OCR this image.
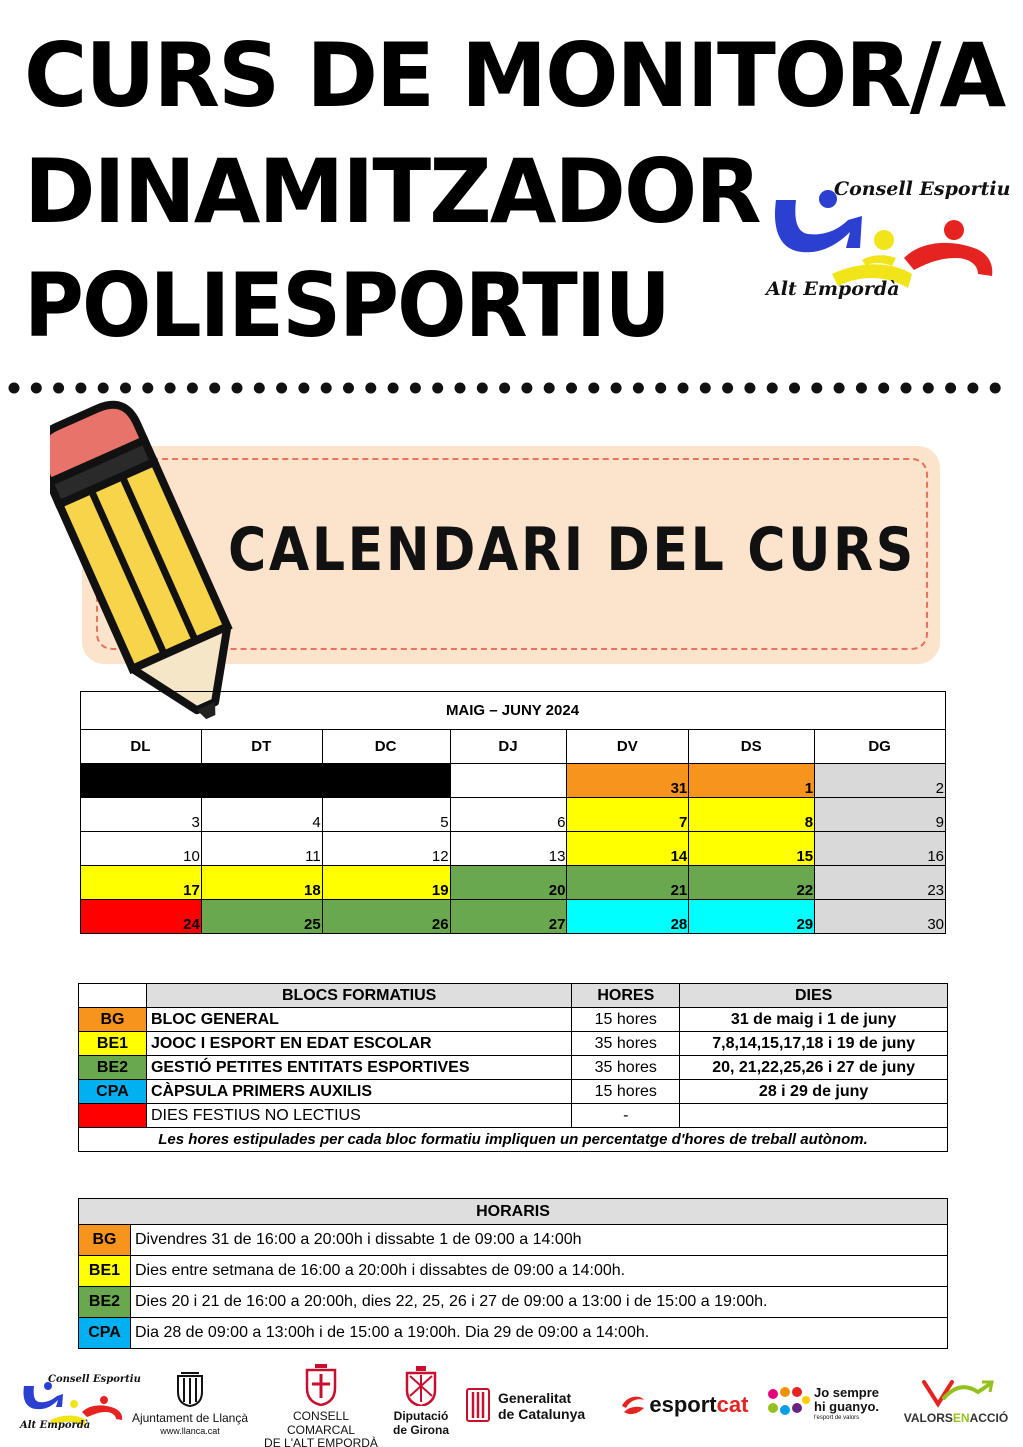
CURS DE MONITOR/A
DINAMITZADOR
POLIESPORTIU
Consell Esportiu
Alt Empordà
CALENDARI DEL CURS
MAIG – JUNY 2024						
DL	DT	DC	DJ	DV	DS	DG
				31	1	2
3	4	5	6	7	8	9
10	11	12	13	14	15	16
17	18	19	20	21	22	23
24	25	26	27	28	29	30
	BLOCS FORMATIUS	HORES	DIES
BG	BLOC GENERAL	15 hores	31 de maig i 1 de juny
BE1	JOOC I ESPORT EN EDAT ESCOLAR	35 hores	7,8,14,15,17,18 i 19 de juny
BE2	GESTIÓ PETITES ENTITATS ESPORTIVES	35 hores	20, 21,22,25,26 i 27 de juny
CPA	CÀPSULA PRIMERS AUXILIS	15 hores	28 i 29 de juny
	DIES FESTIUS NO LECTIUS	-	
Les hores estipulades per cada bloc formatiu impliquen un percentatge d'hores de treball autònom.			
HORARIS	
BG	Divendres 31 de 16:00 a 20:00h i dissabte 1 de 09:00 a 14:00h
BE1	Dies entre setmana de 16:00 a 20:00h i dissabtes de 09:00 a 14:00h.
BE2	Dies 20 i 21 de 16:00 a 20:00h, dies 22, 25, 26 i 27 de 09:00 a 13:00 i de 15:00 a 19:00h.
CPA	Dia 28 de 09:00 a 13:00h i de 15:00 a 19:00h. Dia 29 de 09:00 a 14:00h.
Consell Esportiu
Alt Empordà
Ajuntament de Llançà
www.llanca.cat
CONSELL COMARCAL
DE L'ALT EMPORDÀ
Diputació
de Girona
Generalitat
de Catalunya	esportcat	Jo sempre
hi guanyo.
l'esport de valors	VALORSENACCIÓ
